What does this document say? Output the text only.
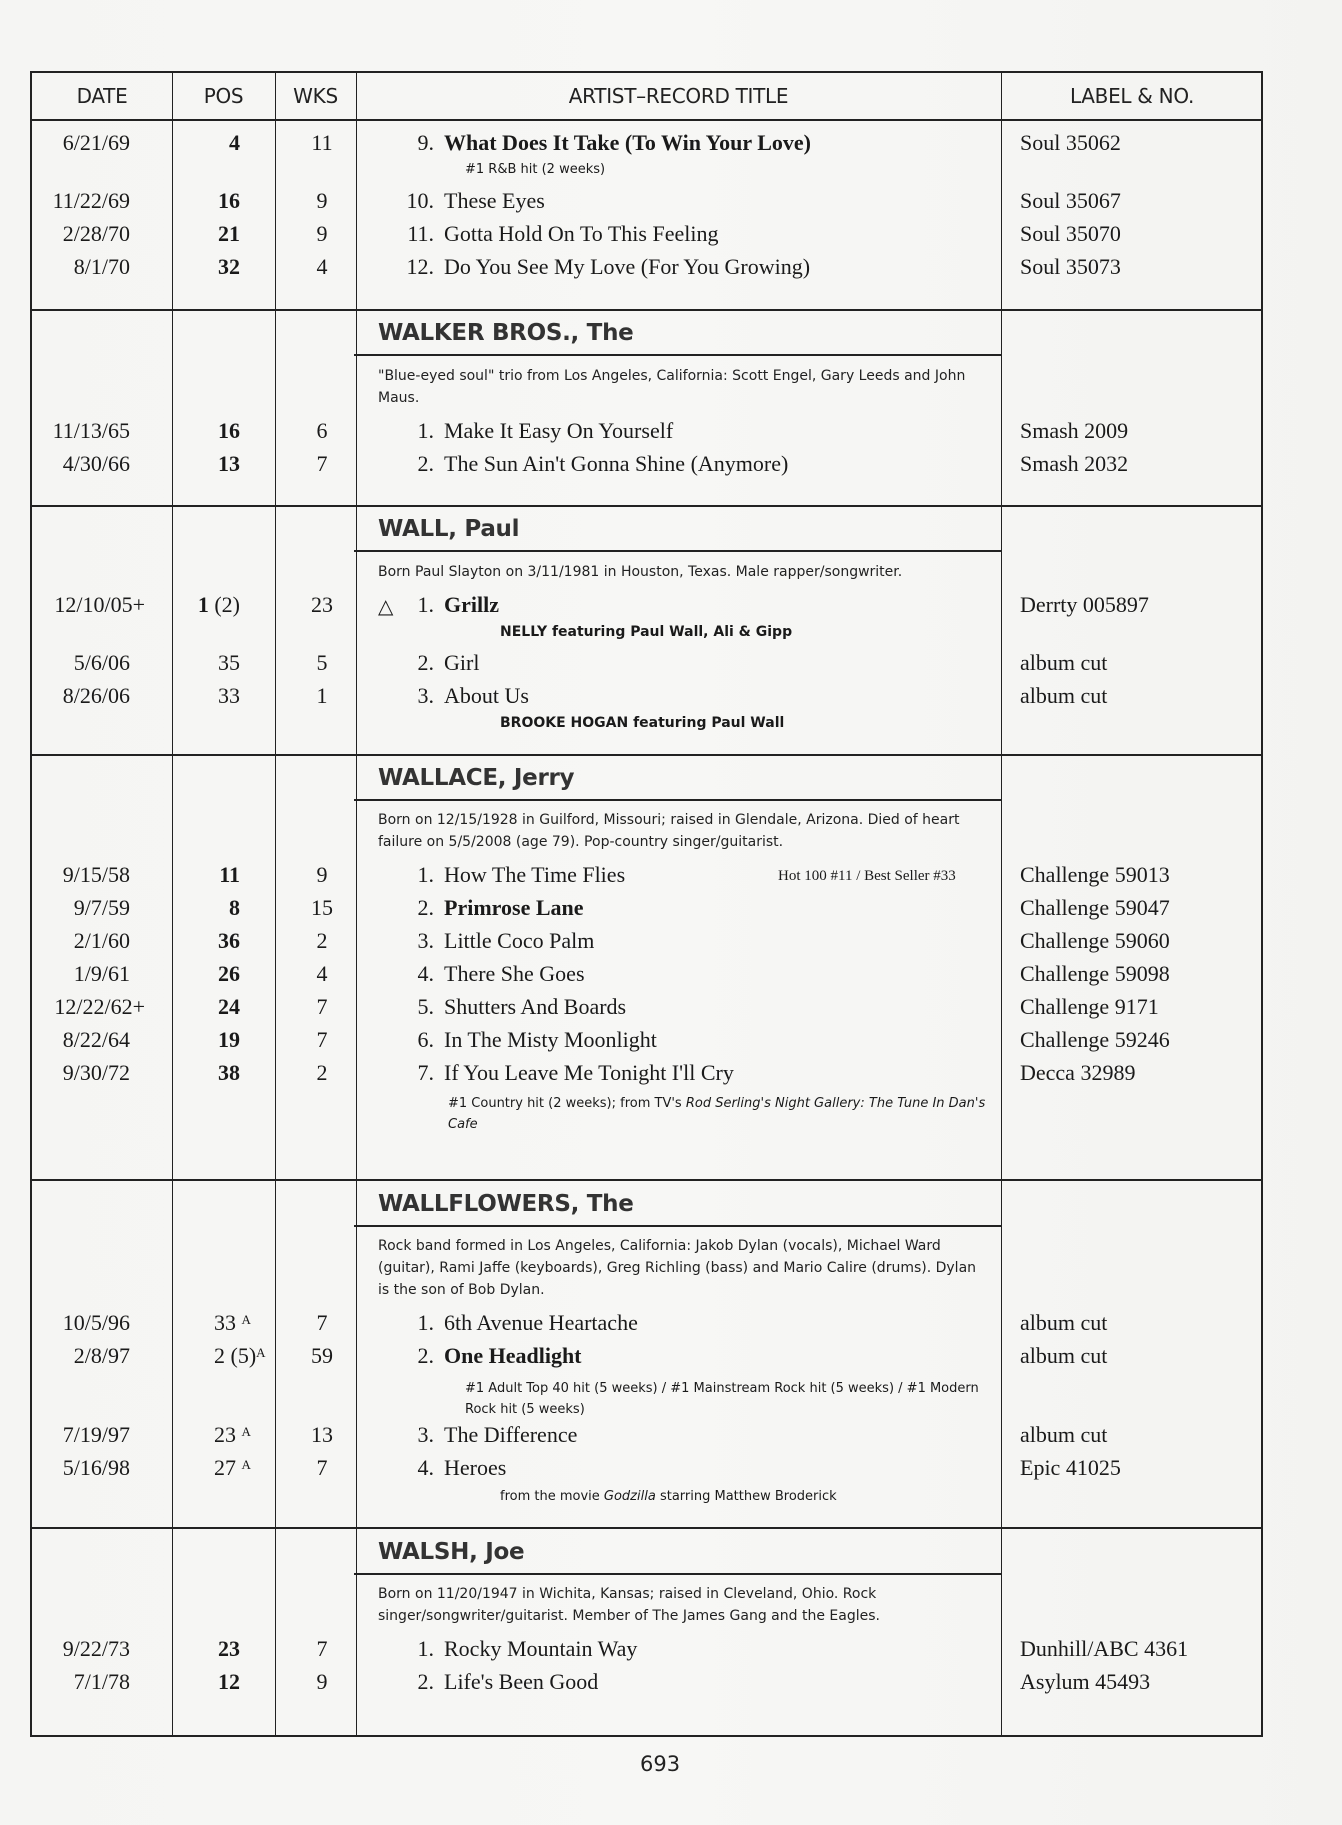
DATE	POS	WKS	ARTIST–RECORD TITLE	LABEL & NO.
6/21/69	4	11	9. What Does It Take (To Win Your Love)	Soul 35062
#1 R&B hit (2 weeks)
11/22/69	16	9	10. These Eyes	Soul 35067
2/28/70	21	9	11. Gotta Hold On To This Feeling	Soul 35070
8/1/70	32	4	12. Do You See My Love (For You Growing)	Soul 35073
WALKER BROS., The
"Blue-eyed soul" trio from Los Angeles, California: Scott Engel, Gary Leeds and John Maus.
11/13/65	16	6	1. Make It Easy On Yourself	Smash 2009
4/30/66	13	7	2. The Sun Ain't Gonna Shine (Anymore)	Smash 2032
WALL, Paul
Born Paul Slayton on 3/11/1981 in Houston, Texas. Male rapper/songwriter.
12/10/05+	1 (2)	23	△	1. Grillz	Derrty 005897
NELLY featuring Paul Wall, Ali & Gipp
5/6/06	35	5	2. Girl	album cut
8/26/06	33	1	3. About Us	album cut
BROOKE HOGAN featuring Paul Wall
WALLACE, Jerry
Born on 12/15/1928 in Guilford, Missouri; raised in Glendale, Arizona. Died of heart failure on 5/5/2008 (age 79). Pop-country singer/guitarist.
9/15/58	11	9	1. How The Time Flies	Hot 100 #11 / Best Seller #33	Challenge 59013
9/7/59	8	15	2. Primrose Lane	Challenge 59047
2/1/60	36	2	3. Little Coco Palm	Challenge 59060
1/9/61	26	4	4. There She Goes	Challenge 59098
12/22/62+	24	7	5. Shutters And Boards	Challenge 9171
8/22/64	19	7	6. In The Misty Moonlight	Challenge 59246
9/30/72	38	2	7. If You Leave Me Tonight I'll Cry	Decca 32989
#1 Country hit (2 weeks); from TV's Rod Serling's Night Gallery: The Tune In Dan's Cafe
WALLFLOWERS, The
Rock band formed in Los Angeles, California: Jakob Dylan (vocals), Michael Ward (guitar), Rami Jaffe (keyboards), Greg Richling (bass) and Mario Calire (drums). Dylan is the son of Bob Dylan.
10/5/96	33 $^A$	7	1. 6th Avenue Heartache	album cut
2/8/97	2 $(5)^A$	59	2. One Headlight	album cut
#1 Adult Top 40 hit (5 weeks) / #1 Mainstream Rock hit (5 weeks) / #1 Modern Rock hit (5 weeks)
7/19/97	23 $^A$	13	3. The Difference	album cut
5/16/98	27 $^A$	7	4. Heroes	Epic 41025
from the movie Godzilla starring Matthew Broderick
WALSH, Joe
Born on 11/20/1947 in Wichita, Kansas; raised in Cleveland, Ohio. Rock singer/songwriter/guitarist. Member of The James Gang and the Eagles.
9/22/73	23	7	1. Rocky Mountain Way	Dunhill/ABC 4361
7/1/78	12	9	2. Life's Been Good	Asylum 45493
693
